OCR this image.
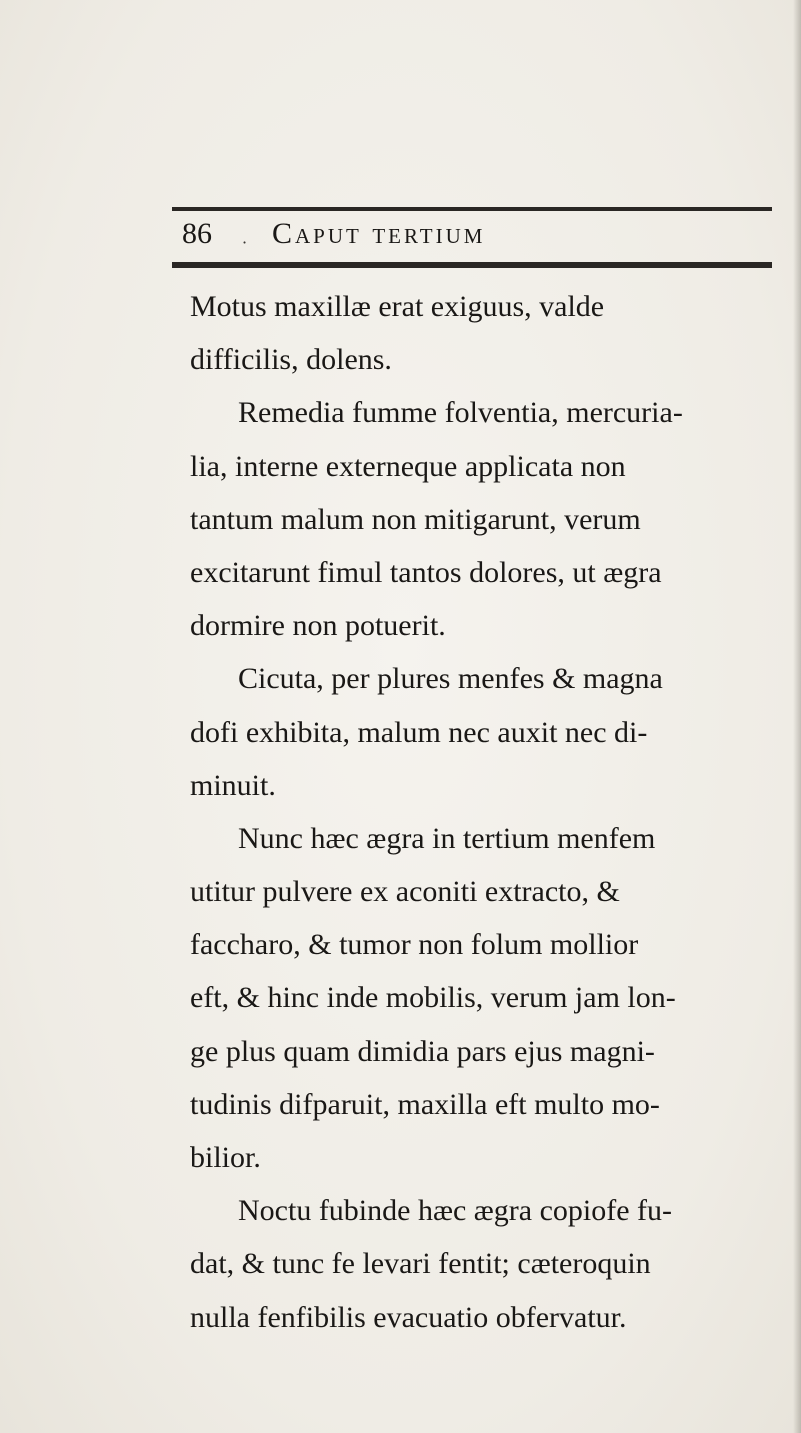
86 · Caput tertium
Motus maxillæ erat exiguus, valde
difficilis, dolens.
Remedia fumme folventia, mercuria-
lia, interne externeque applicata non
tantum malum non mitigarunt, verum
excitarunt fimul tantos dolores, ut ægra
dormire non potuerit.
Cicuta, per plures menfes & magna
dofi exhibita, malum nec auxit nec di-
minuit.
Nunc hæc ægra in tertium menfem
utitur pulvere ex aconiti extracto, &
faccharo, & tumor non folum mollior
eft, & hinc inde mobilis, verum jam lon-
ge plus quam dimidia pars ejus magni-
tudinis difparuit, maxilla eft multo mo-
bilior.
Noctu fubinde hæc ægra copiofe fu-
dat, & tunc fe levari fentit; cæteroquin
nulla fenfibilis evacuatio obfervatur.
